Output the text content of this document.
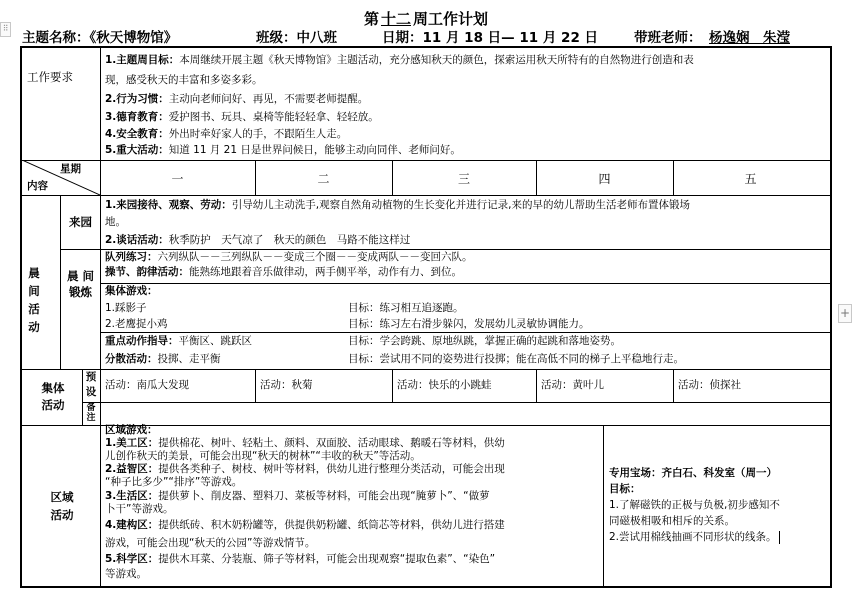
⠿
+
第 十二 周工作计划
主题名称：《秋天博物馆》	班级：中八班	日期：11 月 18 日— 11 月 22 日	带班老师： 杨逸娴　朱滢
工作要求
1.主题周目标：本周继续开展主题《秋天博物馆》主题活动，充分感知秋天的颜色，探索运用秋天所特有的自然物进行创造和表
现，感受秋天的丰富和多姿多彩。
2.行为习惯：主动向老师问好、再见，不需要老师提醒。
3.德育教育：爱护图书、玩具、桌椅等能轻轻拿、轻轻放。
4.安全教育：外出时牵好家人的手，不跟陌生人走。
5.重大活动：知道 11 月 21 日是世界问候日，能够主动向同伴、老师问好。
星期
内容	一	二	三	四	五
晨
间
活
动
来园
1.来园接待、观察、劳动：引导幼儿主动洗手,观察自然角动植物的生长变化并进行记录,来的早的幼儿帮助生活老师布置体锻场
地。
2.谈话活动：秋季防护　天气凉了　秋天的颜色　马路不能这样过
晨 间
锻炼
队列练习：六列纵队－－三列纵队－－变成三个圈－－变成两队－－变回六队。
操节、韵律活动：能熟练地跟着音乐做律动，两手侧平举，动作有力、到位。
集体游戏：
1.踩影子	目标：练习相互追逐跑。
2.老鹰捉小鸡	目标：练习左右滑步躲闪，发展幼儿灵敏协调能力。
重点动作指导：平衡区、跳跃区	目标：学会跨跳、原地纵跳，掌握正确的起跳和落地姿势。
分散活动：投掷、走平衡	目标：尝试用不同的姿势进行投掷；能在高低不同的梯子上平稳地行走。
集体
活动
预
设
备
注
活动：南瓜大发现	活动：秋菊	活动：快乐的小跳蛙	活动：黄叶儿	活动：侦探社
区域
活动
区域游戏：
1.美工区：提供棉花、树叶、轻粘土、颜料、双面胶、活动眼球、鹅暖石等材料，供幼
儿创作秋天的美景，可能会出现“秋天的树林”“丰收的秋天”等活动。
2.益智区：提供各类种子、树枝、树叶等材料，供幼儿进行整理分类活动，可能会出现
“种子比多少”“排序”等游戏。
3.生活区：提供萝卜、削皮器、塑料刀、菜板等材料，可能会出现“腌萝卜”、“做萝
卜干”等游戏。
4.建构区：提供纸砖、积木奶粉罐等，供提供奶粉罐、纸筒芯等材料，供幼儿进行搭建
游戏，可能会出现“秋天的公园”等游戏情节。
5.科学区：提供木耳菜、分装瓶、筛子等材料，可能会出现观察“提取色素”、“染色”
等游戏。
专用宝场：齐白石、科发室（周一）
目标：
1.了解磁铁的正极与负极,初步感知不
同磁极相吸和相斥的关系。
2.尝试用棉线抽画不同形状的线条。
